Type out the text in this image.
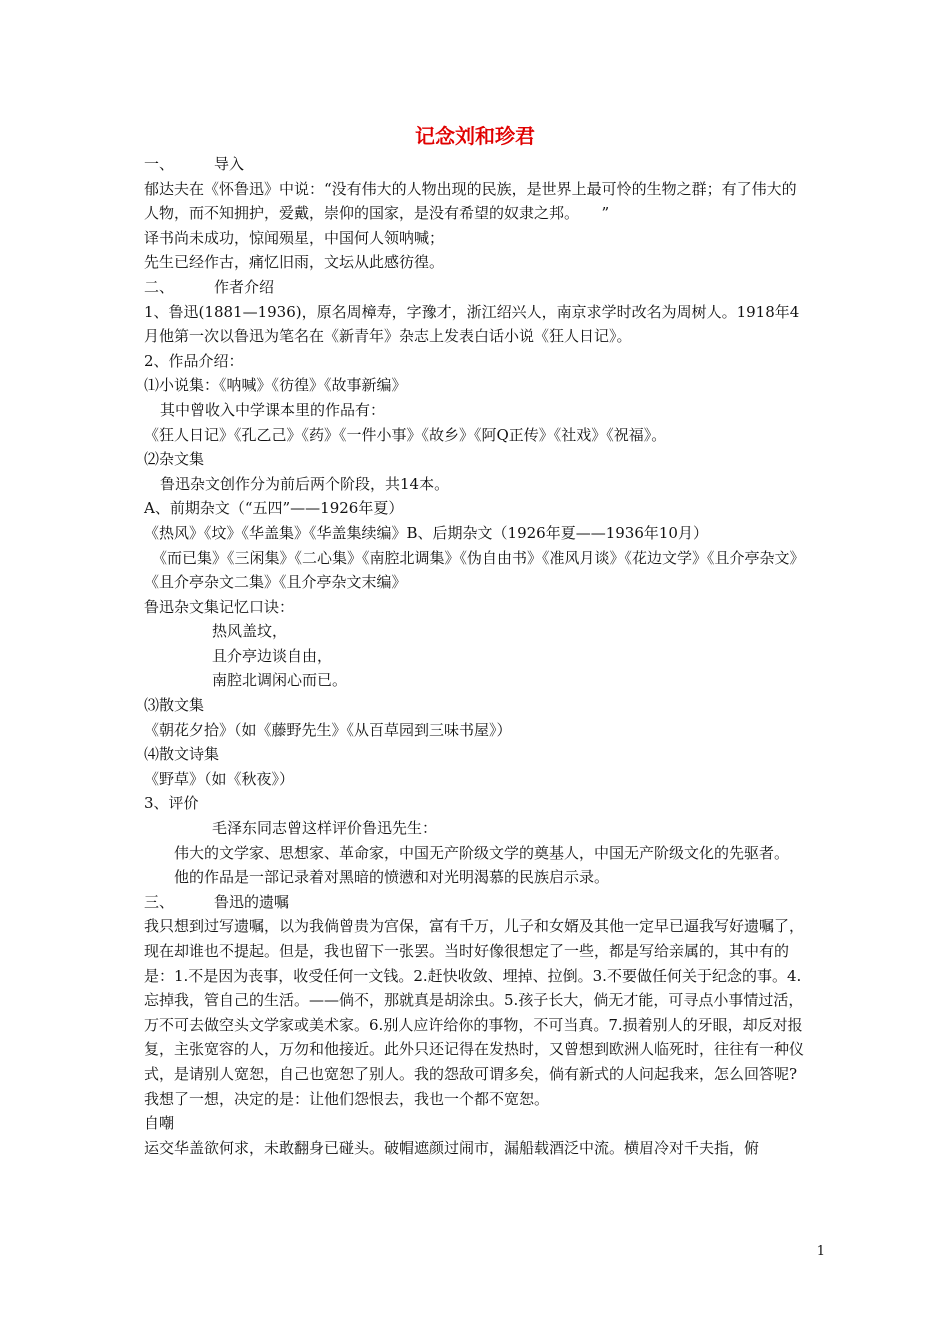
记念刘和珍君

一、	导入

郁达夫在《怀鲁迅》中说：“没有伟大的人物出现的民族，是世界上最可怜的生物之群；有了伟大的人物，而不知拥护，爱戴，崇仰的国家，是没有希望的奴隶之邦。　　”

译书尚未成功，惊闻殒星，中国何人领呐喊；

先生已经作古，痛忆旧雨，文坛从此感彷徨。

二、	作者介绍

1、鲁迅(1881—1936)，原名周樟寿，字豫才，浙江绍兴人，南京求学时改名为周树人。1918年4月他第一次以鲁迅为笔名在《新青年》杂志上发表白话小说《狂人日记》。

2、作品介绍：

⑴小说集：《呐喊》《彷徨》《故事新编》

其中曾收入中学课本里的作品有：

《狂人日记》《孔乙己》《药》《一件小事》《故乡》《阿Q正传》《社戏》《祝福》。

⑵杂文集

鲁迅杂文创作分为前后两个阶段，共14本。

A、前期杂文（“五四”——1926年夏）

《热风》《坟》《华盖集》《华盖集续编》B、后期杂文（1926年夏——1936年10月）

《而已集》《三闲集》《二心集》《南腔北调集》《伪自由书》《准风月谈》《花边文学》《且介亭杂文》《且介亭杂文二集》《且介亭杂文末编》

鲁迅杂文集记忆口诀：

热风盖坟，

且介亭边谈自由，

南腔北调闲心而已。

⑶散文集

《朝花夕拾》（如《藤野先生》《从百草园到三味书屋》）

⑷散文诗集

《野草》（如《秋夜》）

3、评价

毛泽东同志曾这样评价鲁迅先生：

伟大的文学家、思想家、革命家，中国无产阶级文学的奠基人，中国无产阶级文化的先驱者。

他的作品是一部记录着对黑暗的愤懑和对光明渴慕的民族启示录。

三、	鲁迅的遗嘱

我只想到过写遗嘱，以为我倘曾贵为宫保，富有千万，儿子和女婿及其他一定早已逼我写好遗嘱了，现在却谁也不提起。但是，我也留下一张罢。当时好像很想定了一些，都是写给亲属的，其中有的是：1.不是因为丧事，收受任何一文钱。2.赶快收敛、埋掉、拉倒。3.不要做任何关于纪念的事。4.忘掉我，管自己的生活。——倘不，那就真是胡涂虫。5.孩子长大，倘无才能，可寻点小事情过活，万不可去做空头文学家或美术家。6.别人应许给你的事物，不可当真。7.损着别人的牙眼，却反对报复，主张宽容的人，万勿和他接近。此外只还记得在发热时，又曾想到欧洲人临死时，往往有一种仪式，是请别人宽恕，自己也宽恕了别人。我的怨敌可谓多矣，倘有新式的人问起我来，怎么回答呢?我想了一想，决定的是：让他们怨恨去，我也一个都不宽恕。

自嘲

运交华盖欲何求，未敢翻身已碰头。破帽遮颜过闹市，漏船载酒泛中流。横眉冷对千夫指，俯

1
